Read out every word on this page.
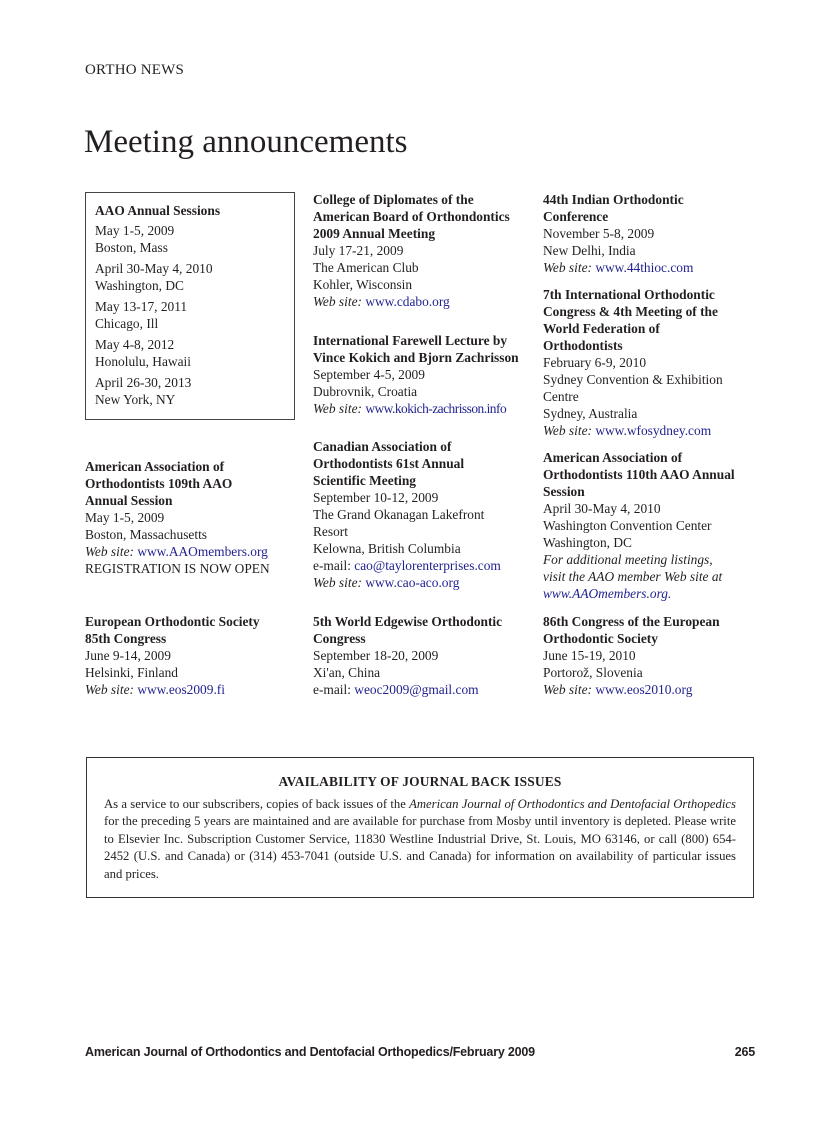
ORTHO NEWS
Meeting announcements
AAO Annual Sessions
May 1-5, 2009
Boston, Mass
April 30-May 4, 2010
Washington, DC
May 13-17, 2011
Chicago, Ill
May 4-8, 2012
Honolulu, Hawaii
April 26-30, 2013
New York, NY
American Association of
Orthodontists 109th AAO
Annual Session
May 1-5, 2009
Boston, Massachusetts
Web site: www.AAOmembers.org
REGISTRATION IS NOW OPEN
European Orthodontic Society
85th Congress
June 9-14, 2009
Helsinki, Finland
Web site: www.eos2009.fi
College of Diplomates of the
American Board of Orthondontics
2009 Annual Meeting
July 17-21, 2009
The American Club
Kohler, Wisconsin
Web site: www.cdabo.org
International Farewell Lecture by
Vince Kokich and Bjorn Zachrisson
September 4-5, 2009
Dubrovnik, Croatia
Web site: www.kokich-zachrisson.info
Canadian Association of
Orthodontists 61st Annual
Scientific Meeting
September 10-12, 2009
The Grand Okanagan Lakefront
Resort
Kelowna, British Columbia
e-mail: cao@taylorenterprises.com
Web site: www.cao-aco.org
5th World Edgewise Orthodontic
Congress
September 18-20, 2009
Xi'an, China
e-mail: weoc2009@gmail.com
44th Indian Orthodontic
Conference
November 5-8, 2009
New Delhi, India
Web site: www.44thioc.com
7th International Orthodontic
Congress & 4th Meeting of the
World Federation of
Orthodontists
February 6-9, 2010
Sydney Convention & Exhibition
Centre
Sydney, Australia
Web site: www.wfosydney.com
American Association of
Orthodontists 110th AAO Annual
Session
April 30-May 4, 2010
Washington Convention Center
Washington, DC
For additional meeting listings,
visit the AAO member Web site at
www.AAOmembers.org.
86th Congress of the European
Orthodontic Society
June 15-19, 2010
Portorož, Slovenia
Web site: www.eos2010.org
AVAILABILITY OF JOURNAL BACK ISSUES

As a service to our subscribers, copies of back issues of the American Journal of Orthodontics and Dentofacial Orthopedics for the preceding 5 years are maintained and are available for purchase from Mosby until inventory is depleted. Please write to Elsevier Inc. Subscription Customer Service, 11830 Westline Industrial Drive, St. Louis, MO 63146, or call (800) 654-2452 (U.S. and Canada) or (314) 453-7041 (outside U.S. and Canada) for information on availability of particular issues and prices.

American Journal of Orthodontics and Dentofacial Orthopedics/February 2009	265
